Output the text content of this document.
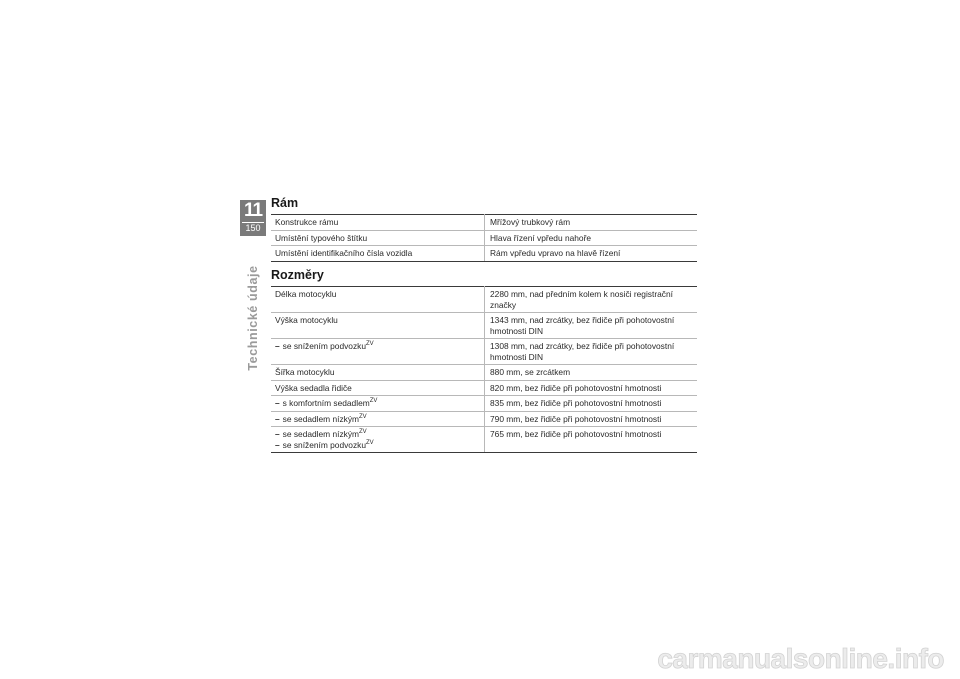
11
150
Technické údaje
Rám
Konstrukce rámu	Mřížový trubkový rám
Umístění typového štítku	Hlava řízení vpředu nahoře
Umístění identifikačního čísla vozidla	Rám vpředu vpravo na hlavě řízení
Rozměry
Délka motocyklu	2280 mm, nad předním kolem k nosiči registrační značky
Výška motocyklu	1343 mm, nad zrcátky, bez řidiče při pohotovostní hmotnosti DIN
– se snížením podvozku$^{ZV}$	1308 mm, nad zrcátky, bez řidiče při pohotovostní hmotnosti DIN
Šířka motocyklu	880 mm, se zrcátkem
Výška sedadla řidiče	820 mm, bez řidiče při pohotovostní hmotnosti
– s komfortním sedadlem$^{ZV}$	835 mm, bez řidiče při pohotovostní hmotnosti
– se sedadlem nízkým$^{ZV}$	790 mm, bez řidiče při pohotovostní hmotnosti

– se sedadlem nízkým$^{ZV}$
– se snížením podvozku$^{ZV}$	765 mm, bez řidiče při pohotovostní hmotnosti
carmanualsonline.info
